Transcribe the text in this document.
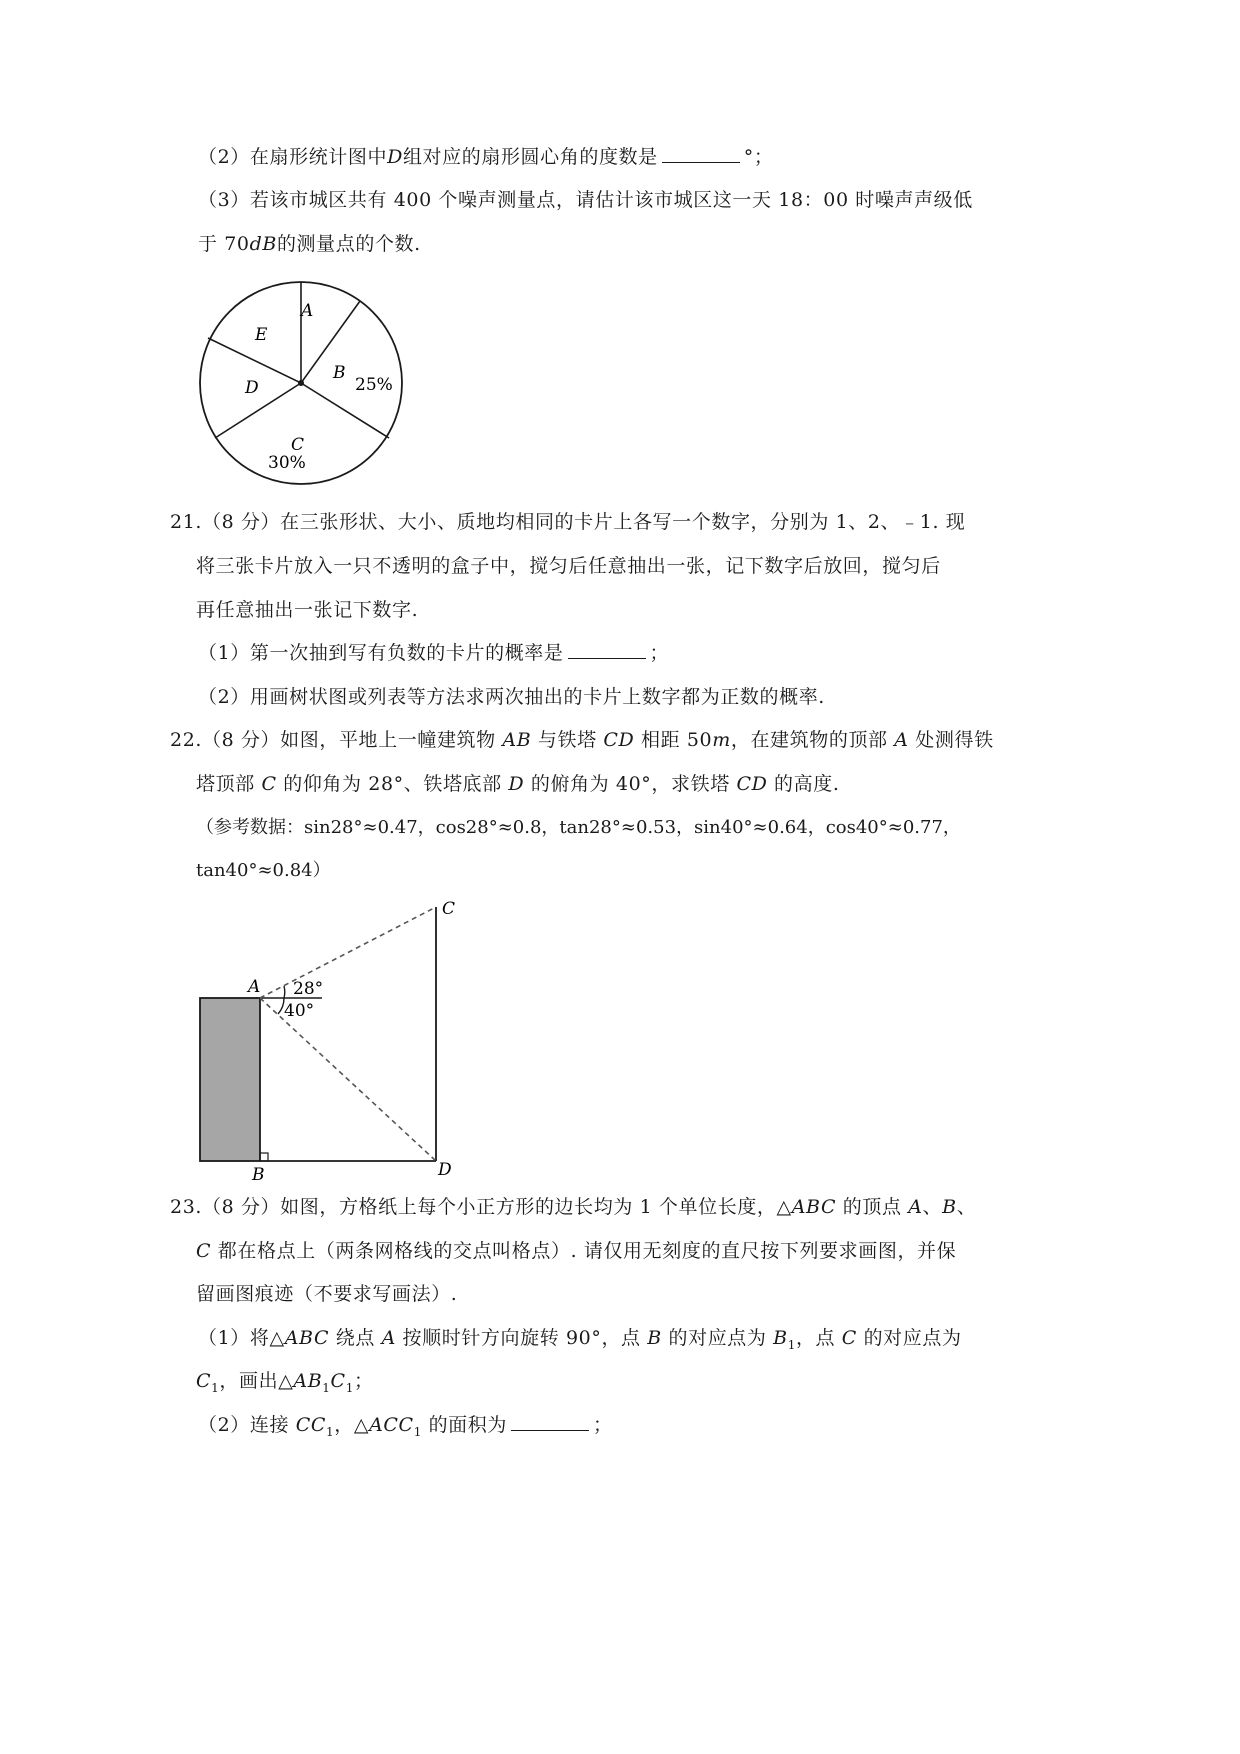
（2）在扇形统计图中D组对应的扇形圆心角的度数是	°；
（3）若该市城区共有 400 个噪声测量点，请估计该市城区这一天 18：00 时噪声声级低
于 70dB的测量点的个数.
A
E
B
25%
D
C
30%
21.（8 分）在三张形状、大小、质地均相同的卡片上各写一个数字，分别为 1、2、﹣1. 现
将三张卡片放入一只不透明的盒子中，搅匀后任意抽出一张，记下数字后放回，搅匀后
再任意抽出一张记下数字.
（1）第一次抽到写有负数的卡片的概率是	；
（2）用画树状图或列表等方法求两次抽出的卡片上数字都为正数的概率.
22.（8 分）如图，平地上一幢建筑物 AB 与铁塔 CD 相距 50m，在建筑物的顶部 A 处测得铁
塔顶部 C 的仰角为 28°、铁塔底部 D 的俯角为 40°，求铁塔 CD 的高度.
（参考数据：sin28°≈0.47，cos28°≈0.8，tan28°≈0.53，sin40°≈0.64，cos40°≈0.77，
tan40°≈0.84）
A
B
C
D
28°
40°
23.（8 分）如图，方格纸上每个小正方形的边长均为 1 个单位长度，△ABC 的顶点 A、B、
C 都在格点上（两条网格线的交点叫格点）. 请仅用无刻度的直尺按下列要求画图，并保
留画图痕迹（不要求写画法）.
（1）将△ABC 绕点 A 按顺时针方向旋转 90°，点 B 的对应点为 $B_1$，点 C 的对应点为
$C_1$，画出$\triangle AB_1C_1$；
（2）连接 $CC_1$，$\triangle ACC_1$ 的面积为	；
